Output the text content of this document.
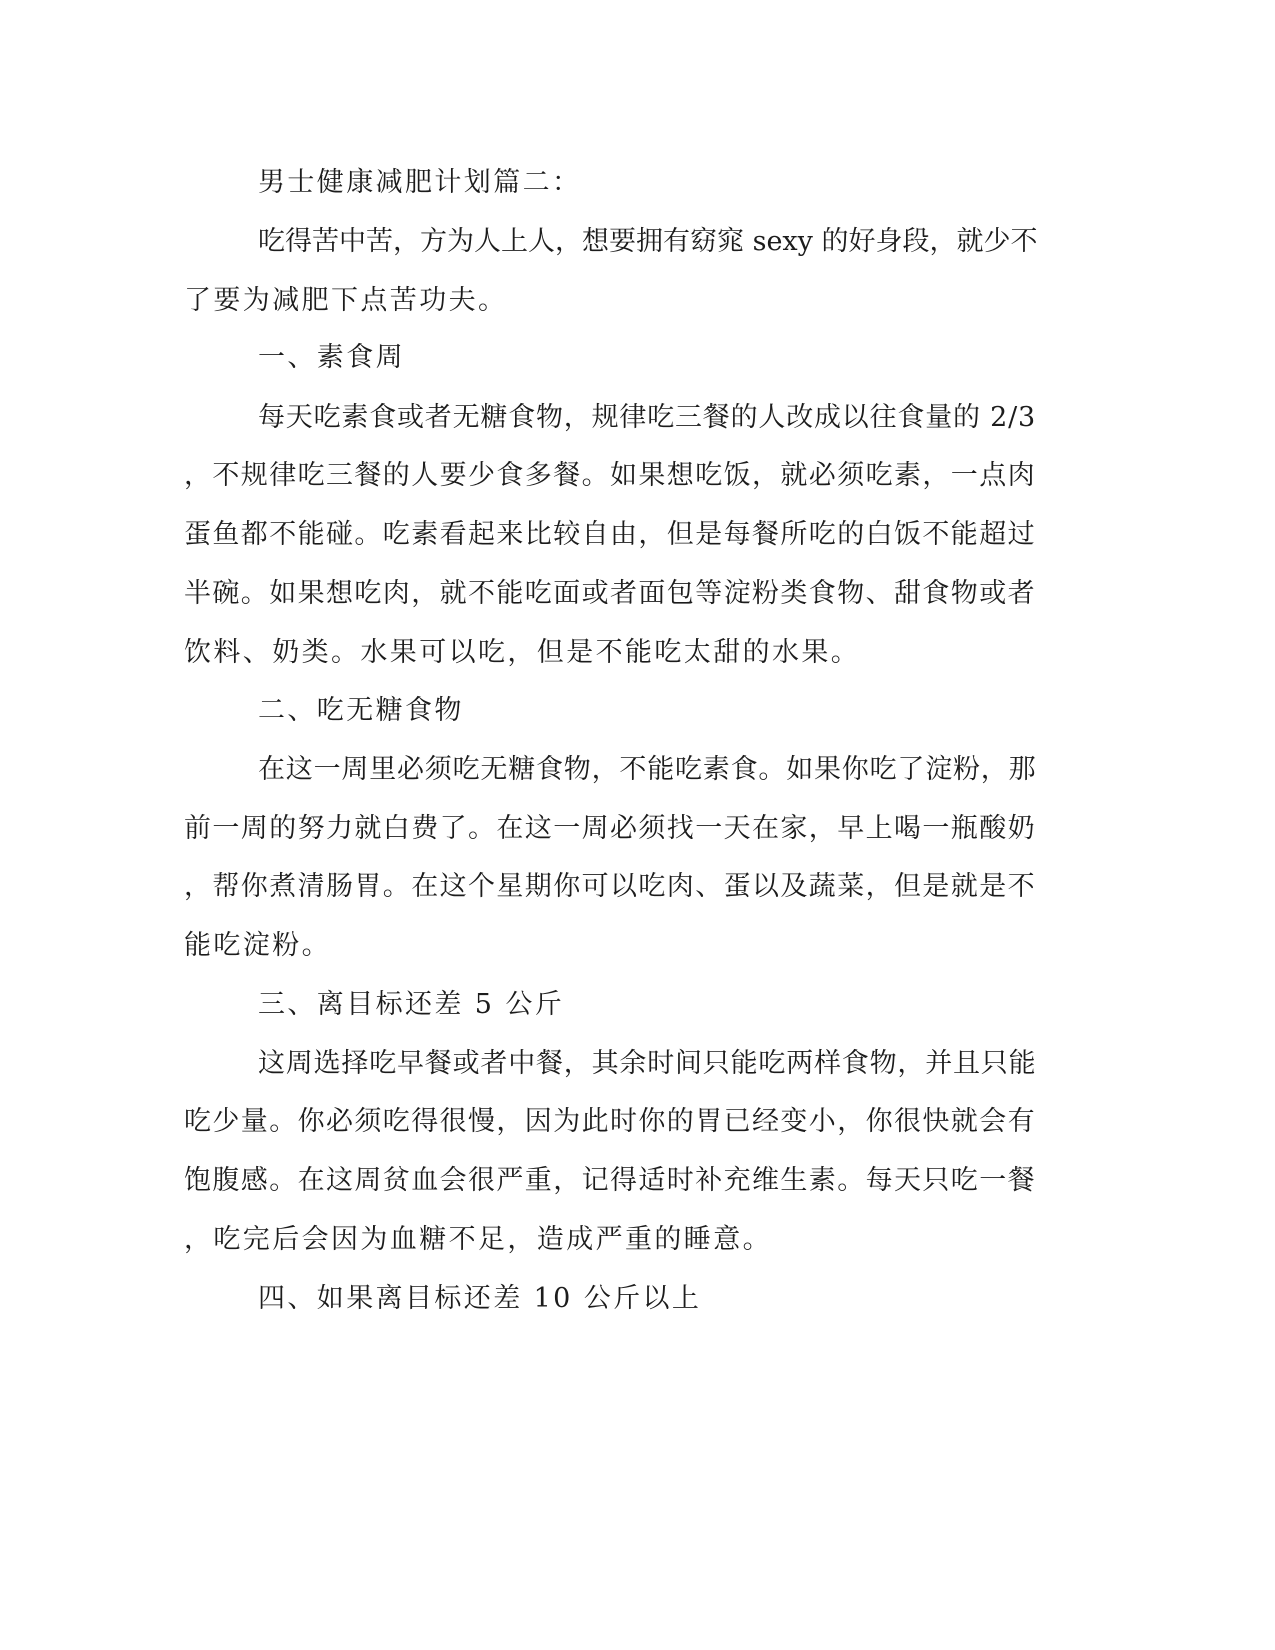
男士健康减肥计划篇二：
吃得苦中苦，方为人上人，想要拥有窈窕 sexy 的好身段，就少不
了要为减肥下点苦功夫。
一、素食周
每天吃素食或者无糖食物，规律吃三餐的人改成以往食量的 2/3
，不规律吃三餐的人要少食多餐。如果想吃饭，就必须吃素，一点肉
蛋鱼都不能碰。吃素看起来比较自由，但是每餐所吃的白饭不能超过
半碗。如果想吃肉，就不能吃面或者面包等淀粉类食物、甜食物或者
饮料、奶类。水果可以吃，但是不能吃太甜的水果。
二、吃无糖食物
在这一周里必须吃无糖食物，不能吃素食。如果你吃了淀粉，那
前一周的努力就白费了。在这一周必须找一天在家，早上喝一瓶酸奶
，帮你煮清肠胃。在这个星期你可以吃肉、蛋以及蔬菜，但是就是不
能吃淀粉。
三、离目标还差 5 公斤
这周选择吃早餐或者中餐，其余时间只能吃两样食物，并且只能
吃少量。你必须吃得很慢，因为此时你的胃已经变小，你很快就会有
饱腹感。在这周贫血会很严重，记得适时补充维生素。每天只吃一餐
，吃完后会因为血糖不足，造成严重的睡意。
四、如果离目标还差 10 公斤以上
